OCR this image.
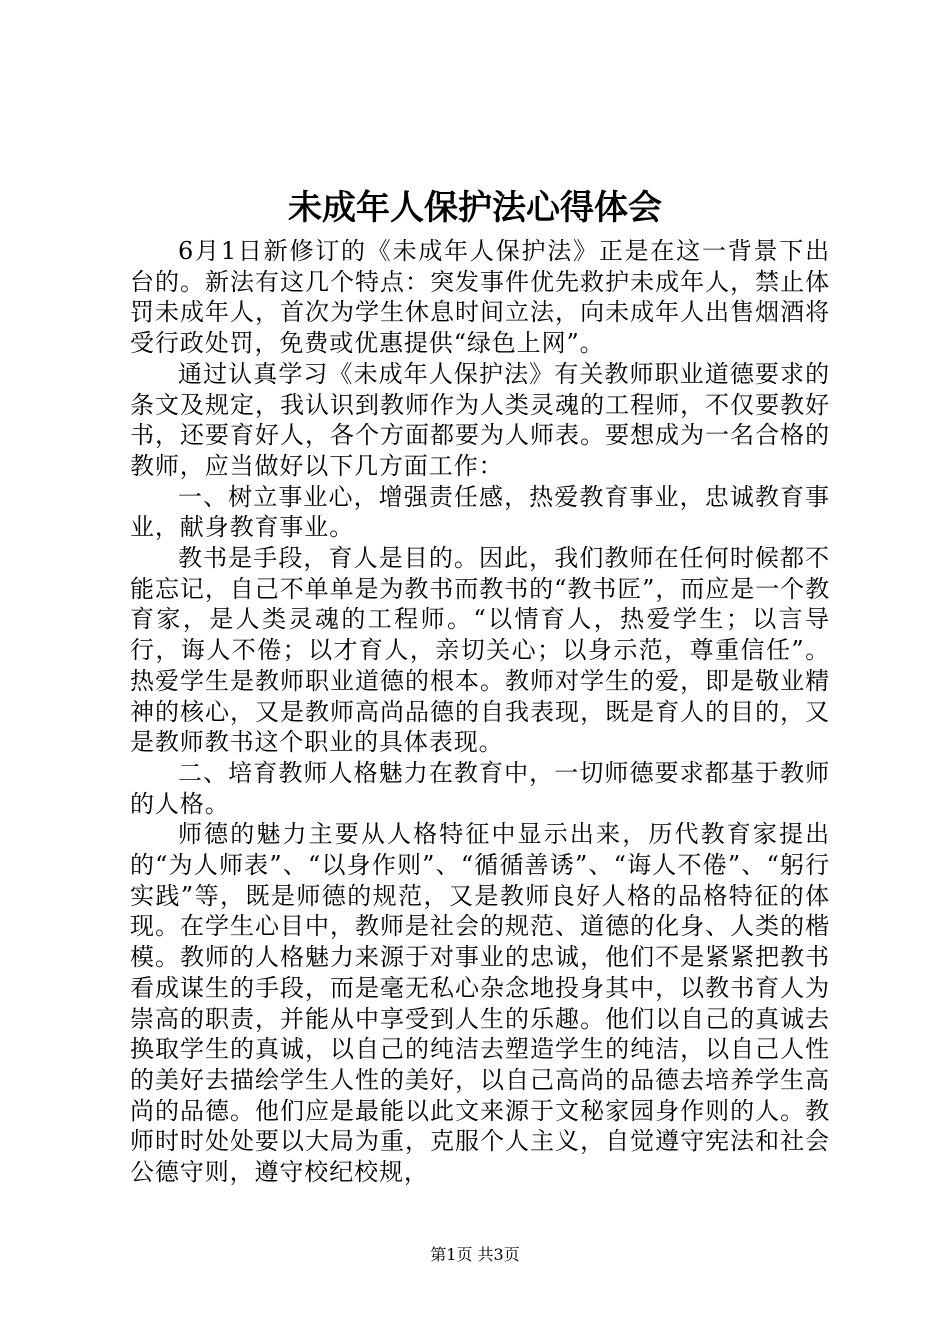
未成年人保护法心得体会

6月1日新修订的《未成年人保护法》正是在这一背景下出台的。新法有这几个特点：突发事件优先救护未成年人，禁止体罚未成年人，首次为学生休息时间立法，向未成年人出售烟酒将受行政处罚，免费或优惠提供“绿色上网”。

通过认真学习《未成年人保护法》有关教师职业道德要求的条文及规定，我认识到教师作为人类灵魂的工程师，不仅要教好书，还要育好人，各个方面都要为人师表。要想成为一名合格的教师，应当做好以下几方面工作：

一、树立事业心，增强责任感，热爱教育事业，忠诚教育事业，献身教育事业。

教书是手段，育人是目的。因此，我们教师在任何时候都不能忘记，自己不单单是为教书而教书的“教书匠”，而应是一个教育家，是人类灵魂的工程师。“以情育人，热爱学生；以言导行，诲人不倦；以才育人，亲切关心；以身示范，尊重信任”。热爱学生是教师职业道德的根本。教师对学生的爱，即是敬业精神的核心，又是教师高尚品德的自我表现，既是育人的目的，又是教师教书这个职业的具体表现。

二、培育教师人格魅力在教育中，一切师德要求都基于教师的人格。

师德的魅力主要从人格特征中显示出来，历代教育家提出的“为人师表”、“以身作则”、“循循善诱”、“诲人不倦”、“躬行实践”等，既是师德的规范，又是教师良好人格的品格特征的体现。在学生心目中，教师是社会的规范、道德的化身、人类的楷模。教师的人格魅力来源于对事业的忠诚，他们不是紧紧把教书看成谋生的手段，而是毫无私心杂念地投身其中，以教书育人为崇高的职责，并能从中享受到人生的乐趣。他们以自己的真诚去换取学生的真诚，以自己的纯洁去塑造学生的纯洁，以自己人性的美好去描绘学生人性的美好，以自己高尚的品德去培养学生高尚的品德。他们应是最能以此文来源于文秘家园身作则的人。教师时时处处要以大局为重，克服个人主义，自觉遵守宪法和社会公德守则，遵守校纪校规，

第1页 共3页
